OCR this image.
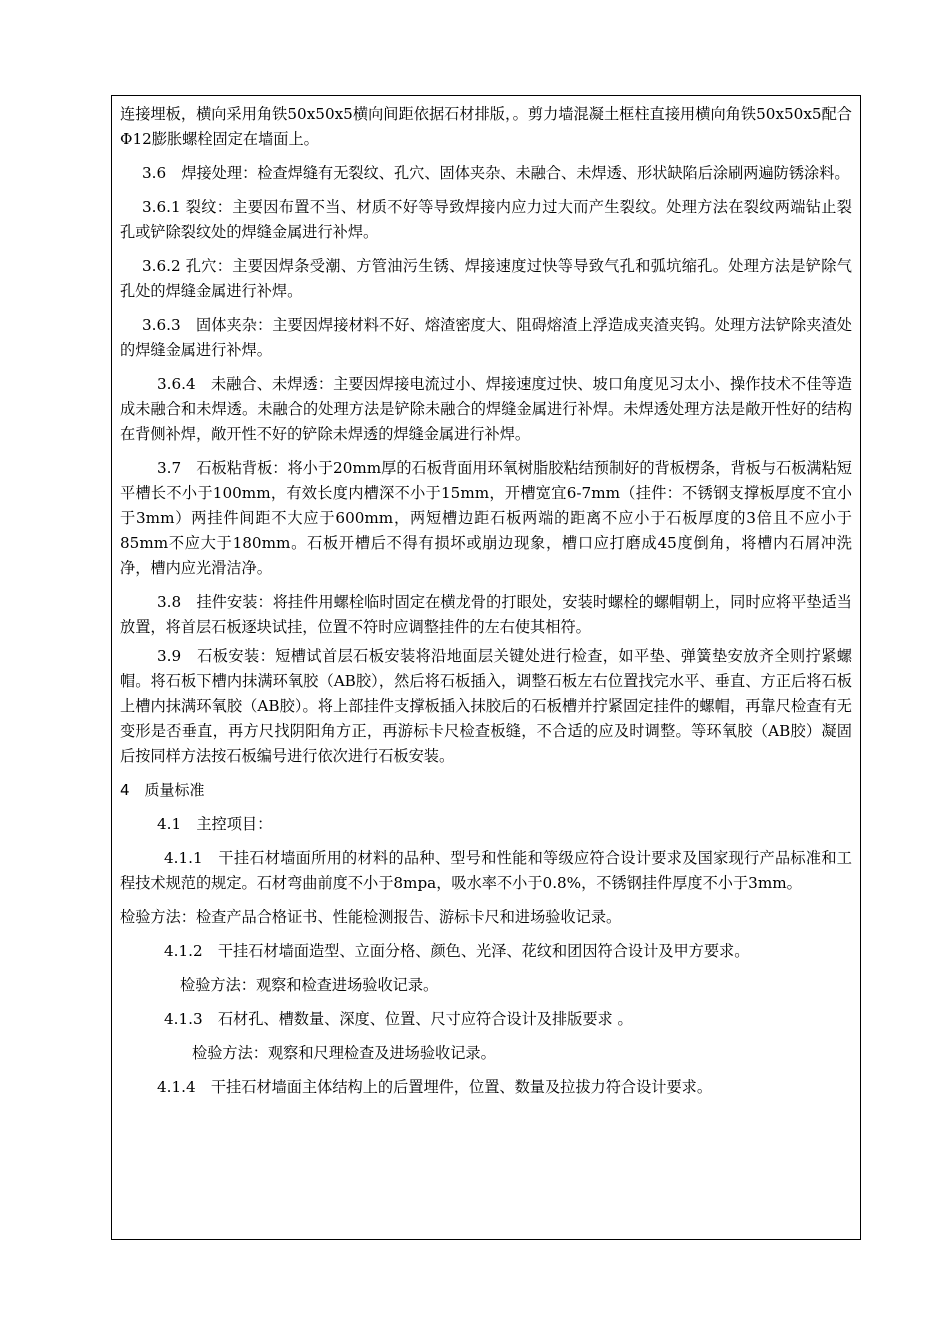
连接埋板，横向采用角铁50x50x5横向间距依据石材排版，。剪力墙混凝土框柱直接用横向角铁50x50x5配合 Φ12膨胀螺栓固定在墙面上。

3.6　焊接处理：检查焊缝有无裂纹、孔穴、固体夹杂、未融合、未焊透、形状缺陷后涂刷两遍防锈涂料。

3.6.1 裂纹：主要因布置不当、材质不好等导致焊接内应力过大而产生裂纹。处理方法在裂纹两端钻止裂孔或铲除裂纹处的焊缝金属进行补焊。

3.6.2 孔穴：主要因焊条受潮、方管油污生锈、焊接速度过快等导致气孔和弧坑缩孔。处理方法是铲除气孔处的焊缝金属进行补焊。

3.6.3　固体夹杂：主要因焊接材料不好、熔渣密度大、阻碍熔渣上浮造成夹渣夹钨。处理方法铲除夹渣处的焊缝金属进行补焊。

3.6.4　未融合、未焊透：主要因焊接电流过小、焊接速度过快、坡口角度见习太小、操作技术不佳等造成未融合和未焊透。未融合的处理方法是铲除未融合的焊缝金属进行补焊。未焊透处理方法是敞开性好的结构在背侧补焊，敞开性不好的铲除未焊透的焊缝金属进行补焊。

3.7　石板粘背板：将小于20mm厚的石板背面用环氧树脂胶粘结预制好的背板楞条，背板与石板满粘短平槽长不小于100mm，有效长度内槽深不小于15mm，开槽宽宜6-7mm（挂件：不锈钢支撑板厚度不宜小于3mm）两挂件间距不大应于600mm，两短槽边距石板两端的距离不应小于石板厚度的3倍且不应小于85mm不应大于180mm。石板开槽后不得有损坏或崩边现象，槽口应打磨成45度倒角，将槽内石屑冲洗净，槽内应光滑洁净。

3.8　挂件安装：将挂件用螺栓临时固定在横龙骨的打眼处，安装时螺栓的螺帽朝上，同时应将平垫适当放置，将首层石板逐块试挂，位置不符时应调整挂件的左右使其相符。

3.9　石板安装：短槽试首层石板安装将沿地面层关键处进行检查，如平垫、弹簧垫安放齐全则拧紧螺帽。将石板下槽内抹满环氧胶（AB胶），然后将石板插入，调整石板左右位置找完水平、垂直、方正后将石板上槽内抹满环氧胶（AB胶）。将上部挂件支撑板插入抹胶后的石板槽并拧紧固定挂件的螺帽，再靠尺检查有无变形是否垂直，再方尺找阴阳角方正，再游标卡尺检查板缝，不合适的应及时调整。等环氧胶（AB胶）凝固后按同样方法按石板编号进行依次进行石板安装。

4　质量标准

4.1　主控项目：

4.1.1　干挂石材墙面所用的材料的品种、型号和性能和等级应符合设计要求及国家现行产品标准和工程技术规范的规定。石材弯曲前度不小于8mpa，吸水率不小于0.8%，不锈钢挂件厚度不小于3mm。

检验方法：检查产品合格证书、性能检测报告、游标卡尺和进场验收记录。

4.1.2　干挂石材墙面造型、立面分格、颜色、光泽、花纹和团因符合设计及甲方要求。

检验方法：观察和检查进场验收记录。

4.1.3　石材孔、槽数量、深度、位置、尺寸应符合设计及排版要求 。

检验方法：观察和尺理检查及进场验收记录。

4.1.4　干挂石材墙面主体结构上的后置埋件，位置、数量及拉拔力符合设计要求。
